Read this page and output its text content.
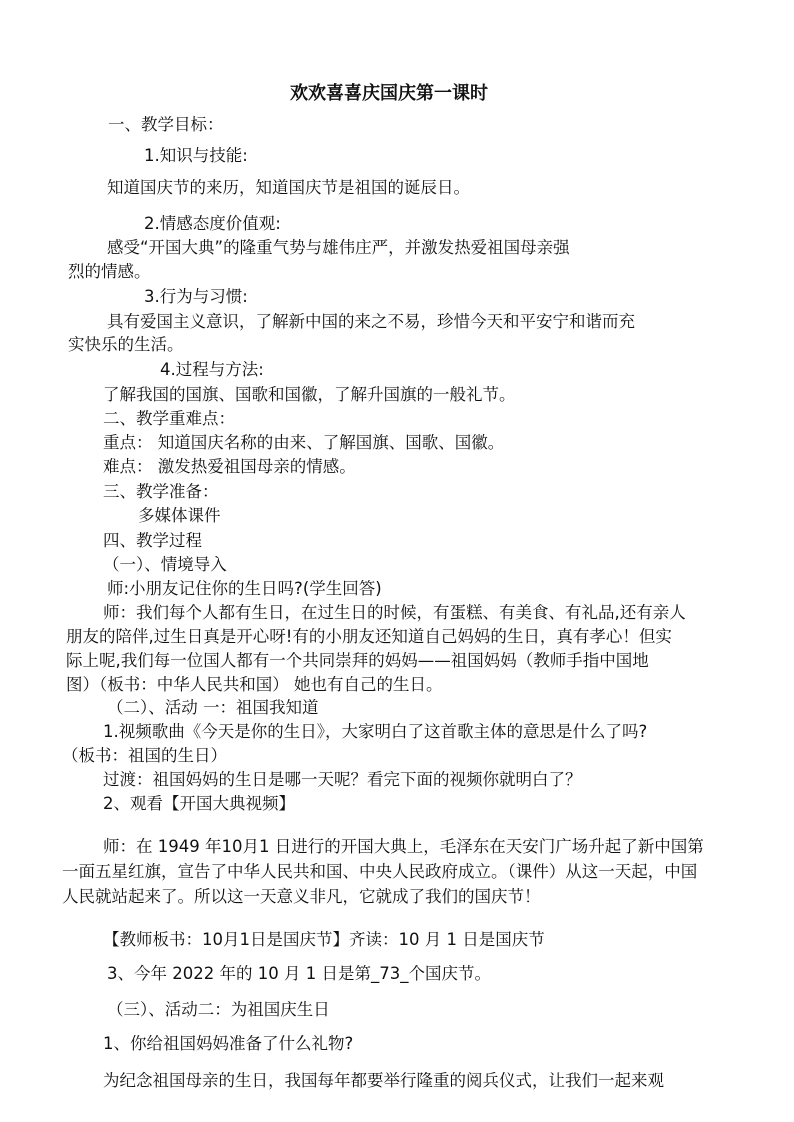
欢欢喜喜庆国庆第一课时
一、教学目标：
1.知识与技能:
知道国庆节的来历，知道国庆节是祖国的诞辰日。
2.情感态度价值观:
感受“开国大典”的隆重气势与雄伟庄严，并激发热爱祖国母亲强
烈的情感。
3.行为与习惯:
具有爱国主义意识，了解新中国的来之不易，珍惜今天和平安宁和谐而充
实快乐的生活。
4.过程与方法:
了解我国的国旗、国歌和国徽，了解升国旗的一般礼节。
二、教学重难点：
重点： 知道国庆名称的由来、了解国旗、国歌、国徽。
难点： 激发热爱祖国母亲的情感。
三、教学准备：
多媒体课件
四、教学过程
（一）、情境导入
师:小朋友记住你的生日吗?(学生回答)
师：我们每个人都有生日，在过生日的时候，有蛋糕、有美食、有礼品,还有亲人
朋友的陪伴,过生日真是开心呀!有的小朋友还知道自己妈妈的生日，真有孝心！但实
际上呢,我们每一位国人都有一个共同崇拜的妈妈——祖国妈妈（教师手指中国地
图）（板书：中华人民共和国） 她也有自己的生日。
（二）、活动 一：祖国我知道
1.视频歌曲《今天是你的生日》，大家明白了这首歌主体的意思是什么了吗?
（板书：祖国的生日）
过渡：祖国妈妈的生日是哪一天呢？看完下面的视频你就明白了？
2、观看【开国大典视频】
师：在 1949 年10月1 日进行的开国大典上，毛泽东在天安门广场升起了新中国第
一面五星红旗，宣告了中华人民共和国、中央人民政府成立。（课件）从这一天起，中国
人民就站起来了。所以这一天意义非凡，它就成了我们的国庆节！
【教师板书：10月1日是国庆节】齐读：10 月 1 日是国庆节
3、今年 2022 年的 10 月 1 日是第_73_个国庆节。
（三）、活动二：为祖国庆生日
1、你给祖国妈妈准备了什么礼物?
为纪念祖国母亲的生日，我国每年都要举行隆重的阅兵仪式，让我们一起来观
